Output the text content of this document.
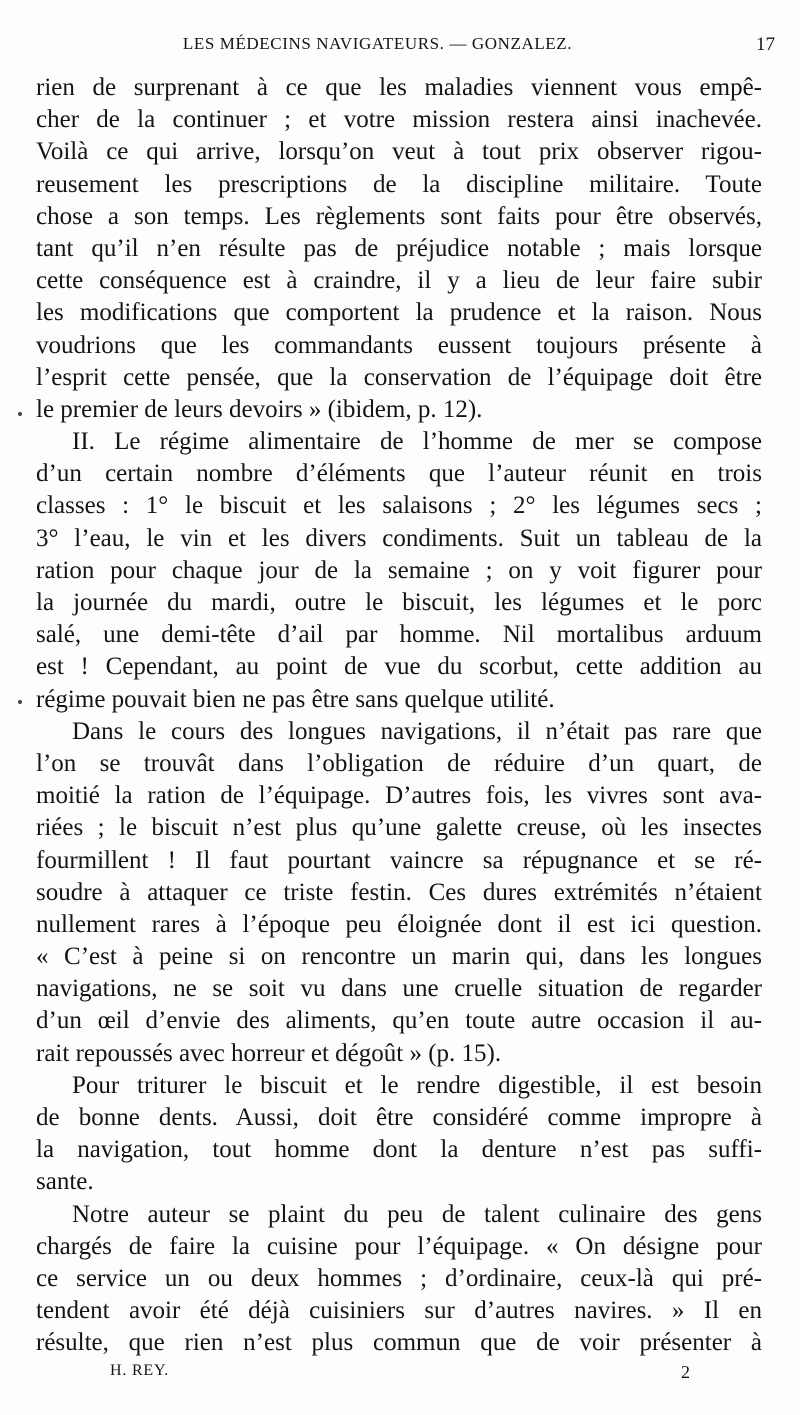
LES MÉDECINS NAVIGATEURS. — GONZALEZ.	17
rien de surprenant à ce que les maladies viennent vous empê-
cher de la continuer ; et votre mission restera ainsi inachevée.
Voilà ce qui arrive, lorsqu’on veut à tout prix observer rigou-
reusement les prescriptions de la discipline militaire. Toute
chose a son temps. Les règlements sont faits pour être observés,
tant qu’il n’en résulte pas de préjudice notable ; mais lorsque
cette conséquence est à craindre, il y a lieu de leur faire subir
les modifications que comportent la prudence et la raison. Nous
voudrions que les commandants eussent toujours présente à
l’esprit cette pensée, que la conservation de l’équipage doit être
le premier de leurs devoirs » (ibidem, p. 12).
II. Le régime alimentaire de l’homme de mer se compose
d’un certain nombre d’éléments que l’auteur réunit en trois
classes : 1° le biscuit et les salaisons ; 2° les légumes secs ;
3° l’eau, le vin et les divers condiments. Suit un tableau de la
ration pour chaque jour de la semaine ; on y voit figurer pour
la journée du mardi, outre le biscuit, les légumes et le porc
salé, une demi-tête d’ail par homme. Nil mortalibus arduum
est ! Cependant, au point de vue du scorbut, cette addition au
régime pouvait bien ne pas être sans quelque utilité.
Dans le cours des longues navigations, il n’était pas rare que
l’on se trouvât dans l’obligation de réduire d’un quart, de
moitié la ration de l’équipage. D’autres fois, les vivres sont ava-
riées ; le biscuit n’est plus qu’une galette creuse, où les insectes
fourmillent ! Il faut pourtant vaincre sa répugnance et se ré-
soudre à attaquer ce triste festin. Ces dures extrémités n’étaient
nullement rares à l’époque peu éloignée dont il est ici question.
« C’est à peine si on rencontre un marin qui, dans les longues
navigations, ne se soit vu dans une cruelle situation de regarder
d’un œil d’envie des aliments, qu’en toute autre occasion il au-
rait repoussés avec horreur et dégoût » (p. 15).
Pour triturer le biscuit et le rendre digestible, il est besoin
de bonne dents. Aussi, doit être considéré comme impropre à
la navigation, tout homme dont la denture n’est pas suffi-
sante.
Notre auteur se plaint du peu de talent culinaire des gens
chargés de faire la cuisine pour l’équipage. « On désigne pour
ce service un ou deux hommes ; d’ordinaire, ceux-là qui pré-
tendent avoir été déjà cuisiniers sur d’autres navires. » Il en
résulte, que rien n’est plus commun que de voir présenter à
H. REY.	2
